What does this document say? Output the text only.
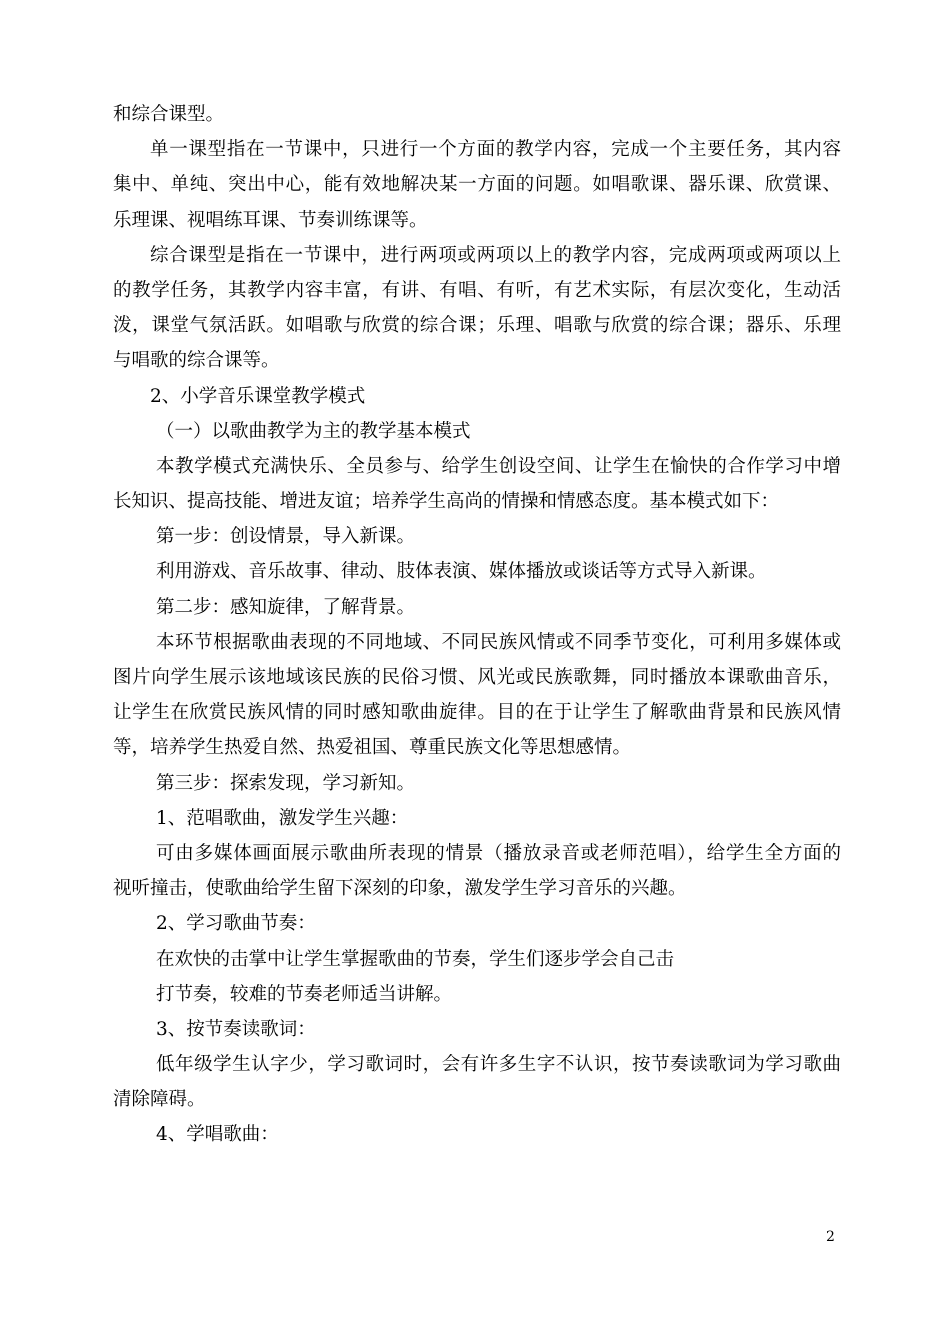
和综合课型。
单一课型指在一节课中，只进行一个方面的教学内容，完成一个主要任务，其内容
集中、单纯、突出中心，能有效地解决某一方面的问题。如唱歌课、器乐课、欣赏课、
乐理课、视唱练耳课、节奏训练课等。
综合课型是指在一节课中，进行两项或两项以上的教学内容，完成两项或两项以上
的教学任务，其教学内容丰富，有讲、有唱、有听，有艺术实际，有层次变化，生动活
泼，课堂气氛活跃。如唱歌与欣赏的综合课；乐理、唱歌与欣赏的综合课；器乐、乐理
与唱歌的综合课等。
2、小学音乐课堂教学模式
（一）以歌曲教学为主的教学基本模式
本教学模式充满快乐、全员参与、给学生创设空间、让学生在愉快的合作学习中增
长知识、提高技能、增进友谊；培养学生高尚的情操和情感态度。基本模式如下：
第一步：创设情景，导入新课。
利用游戏、音乐故事、律动、肢体表演、媒体播放或谈话等方式导入新课。
第二步：感知旋律，了解背景。
本环节根据歌曲表现的不同地域、不同民族风情或不同季节变化，可利用多媒体或
图片向学生展示该地域该民族的民俗习惯、风光或民族歌舞，同时播放本课歌曲音乐，
让学生在欣赏民族风情的同时感知歌曲旋律。目的在于让学生了解歌曲背景和民族风情
等，培养学生热爱自然、热爱祖国、尊重民族文化等思想感情。
第三步：探索发现，学习新知。
1、范唱歌曲，激发学生兴趣：
可由多媒体画面展示歌曲所表现的情景（播放录音或老师范唱），给学生全方面的
视听撞击，使歌曲给学生留下深刻的印象，激发学生学习音乐的兴趣。
2、学习歌曲节奏：
在欢快的击掌中让学生掌握歌曲的节奏，学生们逐步学会自己击
打节奏，较难的节奏老师适当讲解。
3、按节奏读歌词：
低年级学生认字少，学习歌词时，会有许多生字不认识，按节奏读歌词为学习歌曲
清除障碍。
4、学唱歌曲：
2
